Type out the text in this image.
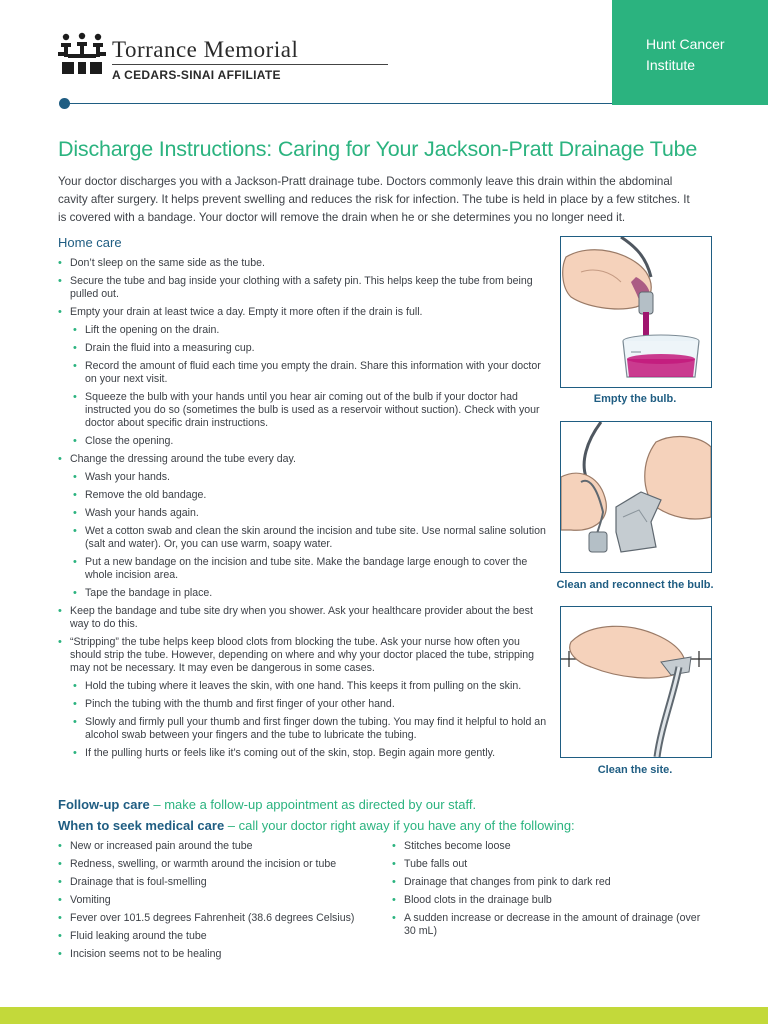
Torrance Memorial
A CEDARS-SINAI AFFILIATE
Hunt Cancer Institute
Discharge Instructions: Caring for Your Jackson-Pratt Drainage Tube
Your doctor discharges you with a Jackson-Pratt drainage tube. Doctors commonly leave this drain within the abdominal cavity after surgery. It helps prevent swelling and reduces the risk for infection. The tube is held in place by a few stitches. It is covered with a bandage. Your doctor will remove the drain when he or she determines you no longer need it.
Home care
• Don’t sleep on the same side as the tube.
• Secure the tube and bag inside your clothing with a safety pin. This helps keep the tube from being pulled out.
• Empty your drain at least twice a day. Empty it more often if the drain is full.
• Lift the opening on the drain.
• Drain the fluid into a measuring cup.
• Record the amount of fluid each time you empty the drain. Share this information with your doctor on your next visit.
• Squeeze the bulb with your hands until you hear air coming out of the bulb if your doctor had instructed you do so (sometimes the bulb is used as a reservoir without suction). Check with your doctor about specific drain instructions.
• Close the opening.
• Change the dressing around the tube every day.
• Wash your hands.
• Remove the old bandage.
• Wash your hands again.
• Wet a cotton swab and clean the skin around the incision and tube site. Use normal saline solution (salt and water). Or, you can use warm, soapy water.
• Put a new bandage on the incision and tube site. Make the bandage large enough to cover the whole incision area.
• Tape the bandage in place.
• Keep the bandage and tube site dry when you shower. Ask your healthcare provider about the best way to do this.
• “Stripping” the tube helps keep blood clots from blocking the tube. Ask your nurse how often you should strip the tube. However, depending on where and why your doctor placed the tube, stripping may not be necessary. It may even be dangerous in some cases.
• Hold the tubing where it leaves the skin, with one hand. This keeps it from pulling on the skin.
• Pinch the tubing with the thumb and first finger of your other hand.
• Slowly and firmly pull your thumb and first finger down the tubing. You may find it helpful to hold an alcohol swab between your fingers and the tube to lubricate the tubing.
• If the pulling hurts or feels like it’s coming out of the skin, stop. Begin again more gently.
Empty the bulb.
Clean and reconnect the bulb.
Clean the site.
Follow-up care – make a follow-up appointment as directed by our staff.
When to seek medical care – call your doctor right away if you have any of the following:
• New or increased pain around the tube
• Redness, swelling, or warmth around the incision or tube
• Drainage that is foul-smelling
• Vomiting
• Fever over 101.5 degrees Fahrenheit (38.6 degrees Celsius)
• Fluid leaking around the tube
• Incision seems not to be healing
• Stitches become loose
• Tube falls out
• Drainage that changes from pink to dark red
• Blood clots in the drainage bulb
• A sudden increase or decrease in the amount of drainage (over 30 mL)
